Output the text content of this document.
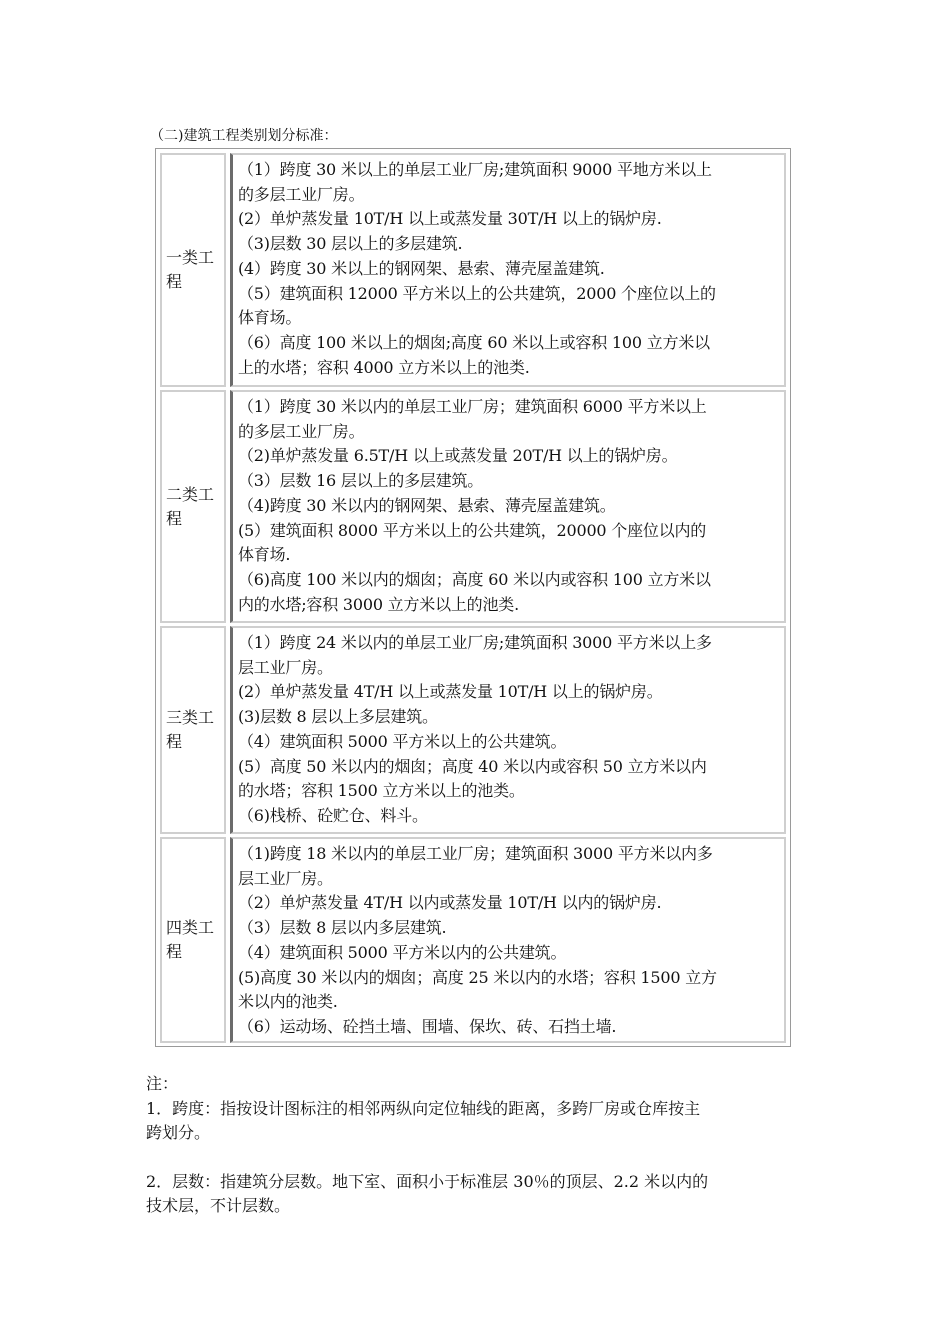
（二)建筑工程类别划分标准：
一类工程
（1）跨度 30 米以上的单层工业厂房;建筑面积 9000 平地方米以上
的多层工业厂房。
(2）单炉蒸发量 10T/H 以上或蒸发量 30T/H 以上的锅炉房.
（3)层数 30 层以上的多层建筑.
(4）跨度 30 米以上的钢网架、悬索、薄壳屋盖建筑.
（5）建筑面积 12000 平方米以上的公共建筑，2000 个座位以上的
体育场。
（6）高度 100 米以上的烟囱;高度 60 米以上或容积 100 立方米以
上的水塔；容积 4000 立方米以上的池类.
二类工程
（1）跨度 30 米以内的单层工业厂房；建筑面积 6000 平方米以上
的多层工业厂房。
（2)单炉蒸发量 6.5T/H 以上或蒸发量 20T/H 以上的锅炉房。
（3）层数 16 层以上的多层建筑。
（4)跨度 30 米以内的钢网架、悬索、薄壳屋盖建筑。
(5）建筑面积 8000 平方米以上的公共建筑，20000 个座位以内的
体育场.
（6)高度 100 米以内的烟囱；高度 60 米以内或容积 100 立方米以
内的水塔;容积 3000 立方米以上的池类.
三类工程
（1）跨度 24 米以内的单层工业厂房;建筑面积 3000 平方米以上多
层工业厂房。
(2）单炉蒸发量 4T/H 以上或蒸发量 10T/H 以上的锅炉房。
(3)层数 8 层以上多层建筑。
（4）建筑面积 5000 平方米以上的公共建筑。
(5）高度 50 米以内的烟囱；高度 40 米以内或容积 50 立方米以内
的水塔；容积 1500 立方米以上的池类。
（6)栈桥、砼贮仓、料斗。
四类工程
（1)跨度 18 米以内的单层工业厂房；建筑面积 3000 平方米以内多
层工业厂房。
（2）单炉蒸发量 4T/H 以内或蒸发量 10T/H 以内的锅炉房.
（3）层数 8 层以内多层建筑.
（4）建筑面积 5000 平方米以内的公共建筑。
(5)高度 30 米以内的烟囱；高度 25 米以内的水塔；容积 1500 立方
米以内的池类.
（6）运动场、砼挡土墙、围墙、保坎、砖、石挡土墙.
注：
1．跨度：指按设计图标注的相邻两纵向定位轴线的距离，多跨厂房或仓库按主
跨划分。
2．层数：指建筑分层数。地下室、面积小于标准层 30％的顶层、2.2 米以内的
技术层，不计层数。
